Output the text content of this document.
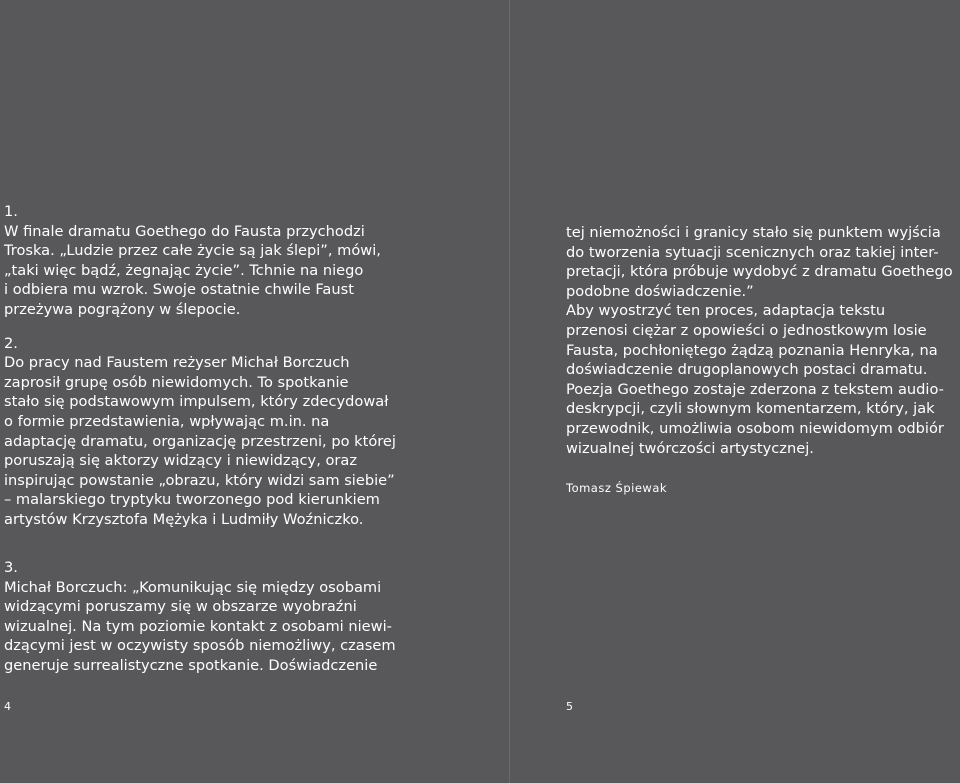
1.

W finale dramatu Goethego do Fausta przychodzi

Troska. „Ludzie przez całe życie są jak ślepi”, mówi,

„taki więc bądź, żegnając życie”. Tchnie na niego

i odbiera mu wzrok. Swoje ostatnie chwile Faust

przeżywa pogrążony w ślepocie.

2.

Do pracy nad Faustem reżyser Michał Borczuch

zaprosił grupę osób niewidomych. To spotkanie

stało się podstawowym impulsem, który zdecydował

o formie przedstawienia, wpływając m.in. na

adaptację dramatu, organizację przestrzeni, po której

poruszają się aktorzy widzący i niewidzący, oraz

inspirując powstanie „obrazu, który widzi sam siebie”

– malarskiego tryptyku tworzonego pod kierunkiem

artystów Krzysztofa Mężyka i Ludmiły Woźniczko.

3.

Michał Borczuch: „Komunikując się między osobami

widzącymi poruszamy się w obszarze wyobraźni

wizualnej. Na tym poziomie kontakt z osobami niewi-

dzącymi jest w oczywisty sposób niemożliwy, czasem

generuje surrealistyczne spotkanie. Doświadczenie

tej niemożności i granicy stało się punktem wyjścia

do tworzenia sytuacji scenicznych oraz takiej inter-

pretacji, która próbuje wydobyć z dramatu Goethego

podobne doświadczenie.”

Aby wyostrzyć ten proces, adaptacja tekstu

przenosi ciężar z opowieści o jednostkowym losie

Fausta, pochłoniętego żądzą poznania Henryka, na

doświadczenie drugoplanowych postaci dramatu.

Poezja Goethego zostaje zderzona z tekstem audio-

deskrypcji, czyli słownym komentarzem, który, jak

przewodnik, umożliwia osobom niewidomym odbiór

wizualnej twórczości artystycznej.

Tomasz Śpiewak
4	5
